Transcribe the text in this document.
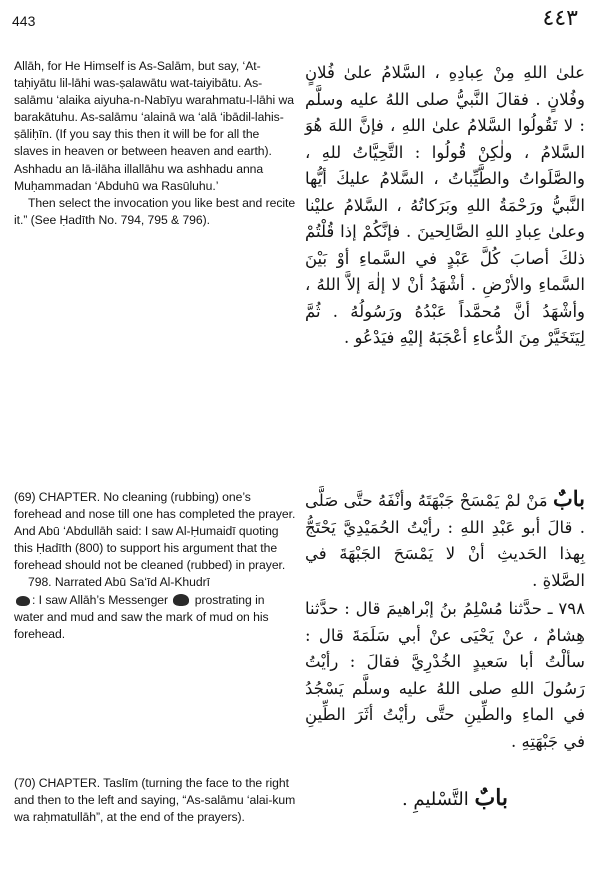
443	٤٤٣

Allāh, for He Himself is As-Salām, but say, ‘At-taḥiyātu lil-lāhi was-ṣalawātu wat-taiyibātu. As-salāmu ‘alaika aiyuha-n-Nabīyu warahmatu-l-lāhi wa barakātuhu. As-salāmu ‘alainā wa ‘alā ‘ibādil-lahis-ṣāliḥīn. (If you say this then it will be for all the slaves in heaven or between heaven and earth). Ashhadu an lā-ilāha illallāhu wa ashhadu anna Muḥammadan ‘Abduhū wa Rasūluhu.’

Then select the invocation you like best and recite it.” (See Ḥadīth No. 794, 795 & 796).

(69) CHAPTER. No cleaning (rubbing) one’s forehead and nose till one has completed the prayer. And Abū ‘Abdullāh said: I saw Al-Ḥumaidī quoting this Ḥadīth (800) to support his argument that the forehead should not be cleaned (rubbed) in prayer.

798. Narrated Abū Sa‘īd Al-Khudrī
: I saw Allāh’s Messenger prostrating in water and mud and saw the mark of mud on his forehead.

(70) CHAPTER. Taslīm (turning the face to the right and then to the left and saying, “As-salāmu ‘alai-kum wa raḥmatullāh”, at the end of the prayers).

علىٰ اللهِ مِنْ عِبادِهِ ، السَّلامُ علىٰ فُلانٍ وفُلانٍ . فقالَ النَّبيُّ صلى اللهُ عليه وسلَّم : لا تَقُولُوا السَّلامُ علىٰ اللهِ ، فإنَّ اللهَ هُوَ السَّلامُ ، ولٰكِنْ قُولُوا : التَّحِيَّاتُ للهِ ، والصَّلَواتُ والطَّيِّباتُ ، السَّلامُ عليكَ أيُّها النَّبيُّ ورَحْمَةُ اللهِ وبَرَكاتُهُ ، السَّلامُ عليْنا وعلىٰ عِبادِ اللهِ الصَّالِحينَ . فإنَّكُمْ إذا قُلْتُمْ ذلكَ أصابَ كُلَّ عَبْدٍ في السَّماءِ أوْ بَيْنَ السَّماءِ والأرْضِ . أشْهَدُ أنْ لا إلٰهَ إلاَّ اللهُ ، وأشْهَدُ أنَّ مُحمَّداً عَبْدُهُ ورَسُولُهُ . ثُمَّ لِيَتَخَيَّرْ مِنَ الدُّعاءِ أعْجَبَهُ إليْهِ فيَدْعُو .

بابٌ مَنْ لمْ يَمْسَحْ جَبْهَتَهُ وأنْفَهُ حتَّى صَلَّى . قالَ أبو عَبْدِ اللهِ : رأيْتُ الحُمَيْدِيَّ يَحْتَجُّ بِهذا الحَديثِ أنْ لا يَمْسَحَ الجَبْهَةَ في الصَّلاةِ .

٧٩٨ ـ حدَّثنا مُسْلِمُ بنُ إبْراهيمَ قال : حدَّثنا هِشامٌ ، عنْ يَحْيَى عنْ أبي سَلَمَةَ قال : سألْتُ أبا سَعيدٍ الخُدْرِيَّ فقالَ : رأيْتُ رَسُولَ اللهِ صلى اللهُ عليه وسلَّم يَسْجُدُ في الماءِ والطِّينِ حتَّى رأيْتُ أثَرَ الطِّينِ في جَبْهَتِهِ .

بابٌ التَّسْليمِ .
